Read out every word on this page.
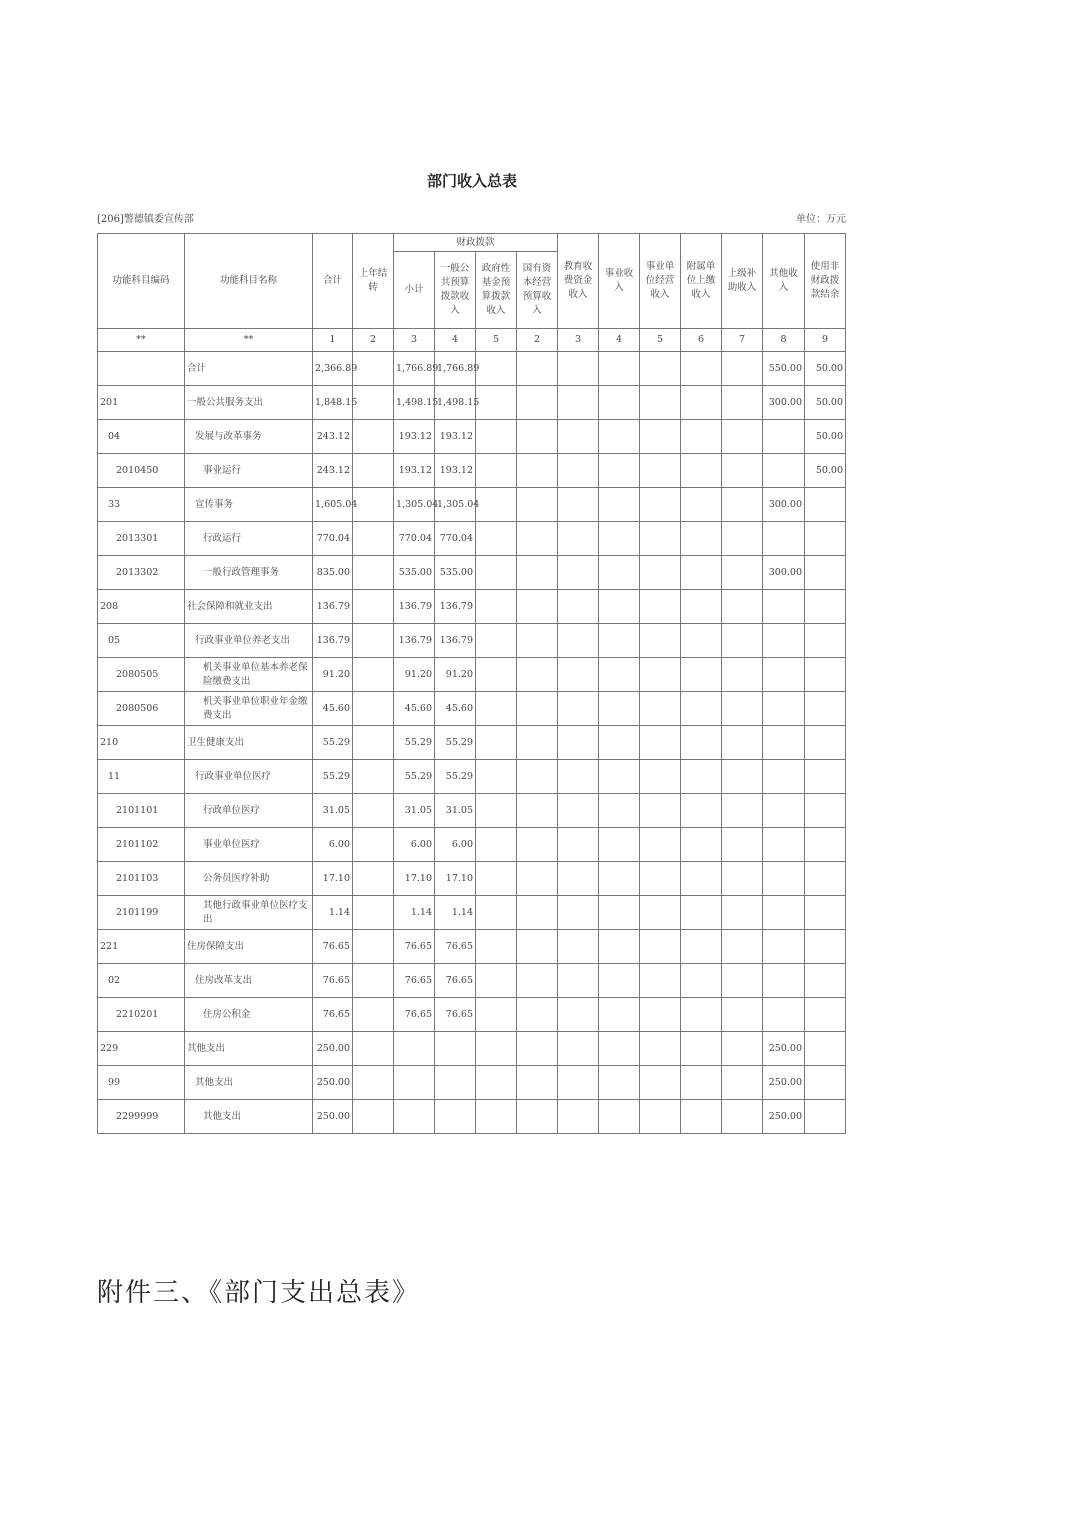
部门收入总表
[206]警德镇委宣传部	单位：万元
功能科目编码	功能科目名称	合计	上年结转	财政拨款				教育收费资金收入	事业收入	事业单位经营收入	附属单位上缴收入	上级补助收入	其他收入	使用非财政拨款结余
				小计	一般公共预算拨款收入	政府性基金预算拨款收入	国有资本经营预算收入							
**	**	1	2	3	4	5	2	3	4	5	6	7	8	9
	合计	2,366.89		1,766.89	1,766.89								550.00	50.00
201	一般公共服务支出	1,848.15		1,498.15	1,498.15								300.00	50.00
04	发展与改革事务	243.12		193.12	193.12									50.00
2010450	事业运行	243.12		193.12	193.12									50.00
33	宣传事务	1,605.04		1,305.04	1,305.04								300.00	
2013301	行政运行	770.04		770.04	770.04									
2013302	一般行政管理事务	835.00		535.00	535.00								300.00	
208	社会保障和就业支出	136.79		136.79	136.79									
05	行政事业单位养老支出	136.79		136.79	136.79									
2080505	机关事业单位基本养老保险缴费支出	91.20		91.20	91.20									
2080506	机关事业单位职业年金缴费支出	45.60		45.60	45.60									
210	卫生健康支出	55.29		55.29	55.29									
11	行政事业单位医疗	55.29		55.29	55.29									
2101101	行政单位医疗	31.05		31.05	31.05									
2101102	事业单位医疗	6.00		6.00	6.00									
2101103	公务员医疗补助	17.10		17.10	17.10									
2101199	其他行政事业单位医疗支出	1.14		1.14	1.14									
221	住房保障支出	76.65		76.65	76.65									
02	住房改革支出	76.65		76.65	76.65									
2210201	住房公积金	76.65		76.65	76.65									
229	其他支出	250.00											250.00	
99	其他支出	250.00											250.00	
2299999	其他支出	250.00											250.00	
附件三、《部门支出总表》
